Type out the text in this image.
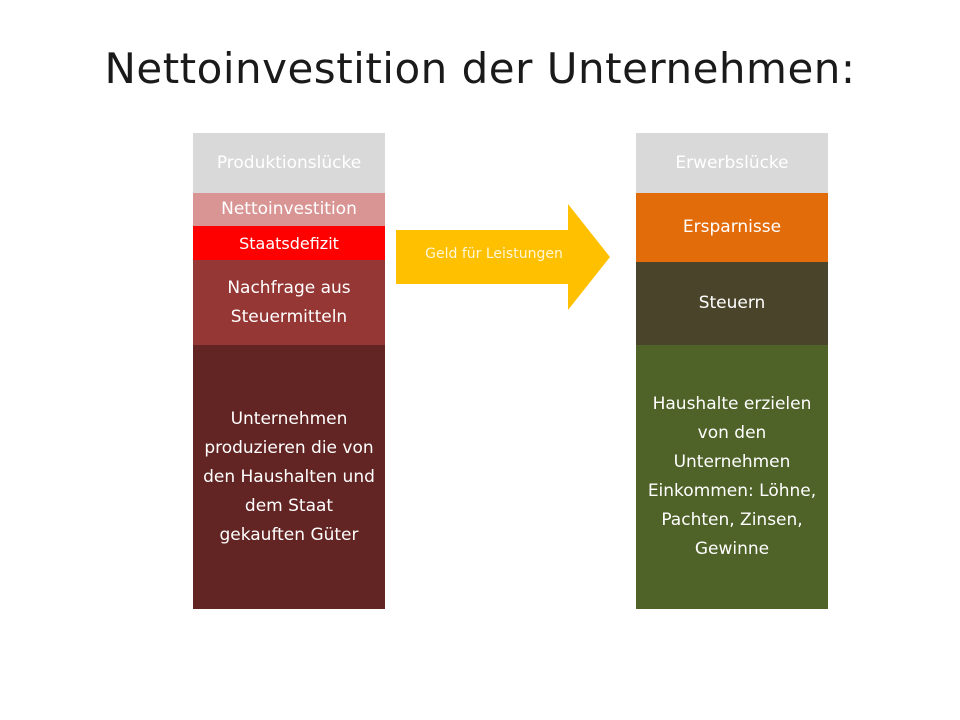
Nettoinvestition der Unternehmen:
Produktionslücke
Nettoinvestition
Staatsdefizit
Nachfrage aus Steuermitteln
Unternehmen produzieren die von den Haushalten und dem Staat gekauften Güter
Geld für Leistungen
Erwerbslücke
Ersparnisse
Steuern
Haushalte erzielen von den Unternehmen Einkommen: Löhne, Pachten, Zinsen, Gewinne
